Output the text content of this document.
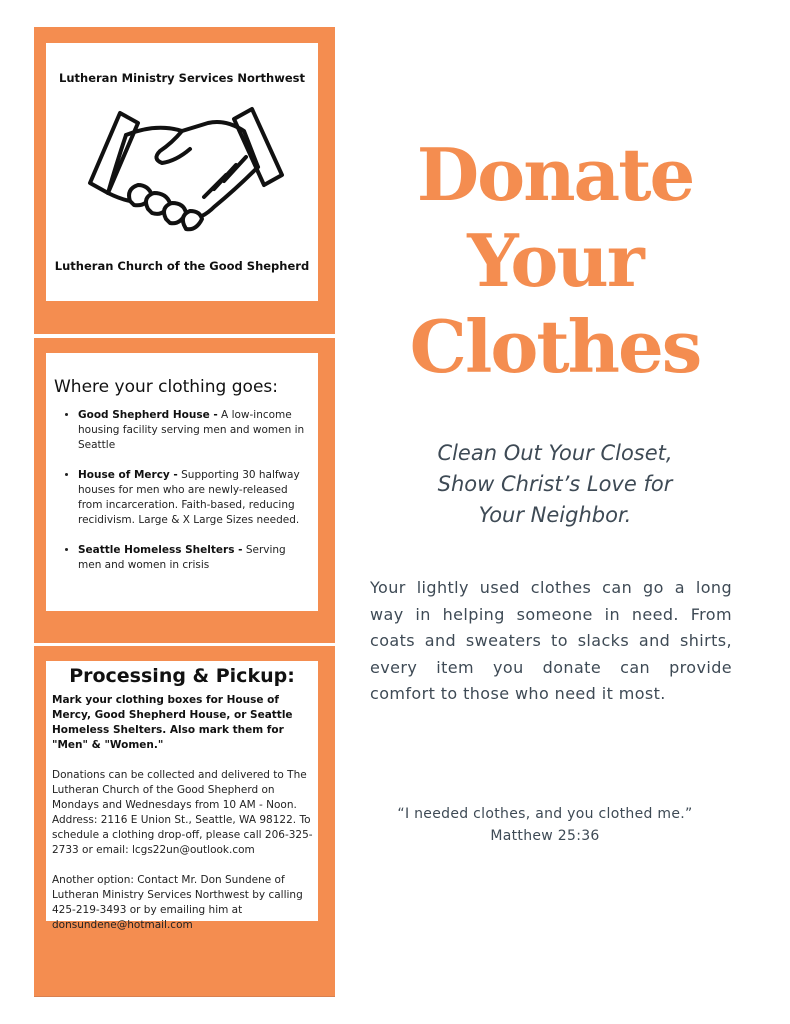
Lutheran Ministry Services Northwest
Lutheran Church of the Good Shepherd
Where your clothing goes:
• Good Shepherd House - A low-income housing facility serving men and women in Seattle
• House of Mercy - Supporting 30 halfway houses for men who are newly-released from incarceration. Faith-based, reducing recidivism. Large & X Large Sizes needed.
• Seattle Homeless Shelters - Serving men and women in crisis
Processing & Pickup:

Mark your clothing boxes for House of Mercy, Good Shepherd House, or Seattle Homeless Shelters. Also mark them for "Men" & "Women."

Donations can be collected and delivered to The Lutheran Church of the Good Shepherd on Mondays and Wednesdays from 10 AM - Noon. Address: 2116 E Union St., Seattle, WA 98122. To schedule a clothing drop-off, please call 206-325-2733 or email: lcgs22un@outlook.com

Another option: Contact Mr. Don Sundene of Lutheran Ministry Services Northwest by calling 425-219-3493 or by emailing him at donsundene@hotmail.com

Donate
Your
Clothes
Clean Out Your Closet,
Show Christ’s Love for
Your Neighbor.
Your lightly used clothes can go a long way in helping someone in need. From coats and sweaters to slacks and shirts, every item you donate can provide comfort to those who need it most.
“I needed clothes, and you clothed me.”
Matthew 25:36
